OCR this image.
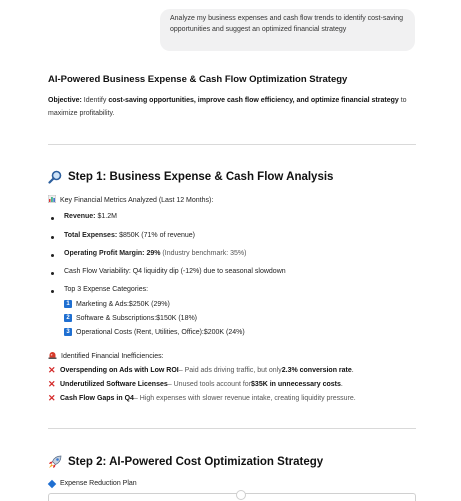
Analyze my business expenses and cash flow trends to identify cost-saving opportunities and suggest an optimized financial strategy
AI-Powered Business Expense & Cash Flow Optimization Strategy
Objective: Identify cost-saving opportunities, improve cash flow efficiency, and optimize financial strategy to maximize profitability.
Step 1: Business Expense & Cash Flow Analysis
Key Financial Metrics Analyzed (Last 12 Months):
Revenue: $1.2M
Total Expenses: $850K (71% of revenue)
Operating Profit Margin: 29% (Industry benchmark: 35%)
Cash Flow Variability: Q4 liquidity dip (-12%) due to seasonal slowdown
Top 3 Expense Categories:
1 Marketing & Ads: $250K (29%)
2 Software & Subscriptions: $150K (18%)
3 Operational Costs (Rent, Utilities, Office): $200K (24%)
Identified Financial Inefficiencies:
✕ Overspending on Ads with Low ROI – Paid ads driving traffic, but only 2.3% conversion rate .
✕ Underutilized Software Licenses – Unused tools account for $35K in unnecessary costs .
✕ Cash Flow Gaps in Q4 – High expenses with slower revenue intake, creating liquidity pressure.
Step 2: AI-Powered Cost Optimization Strategy
Expense Reduction Plan
